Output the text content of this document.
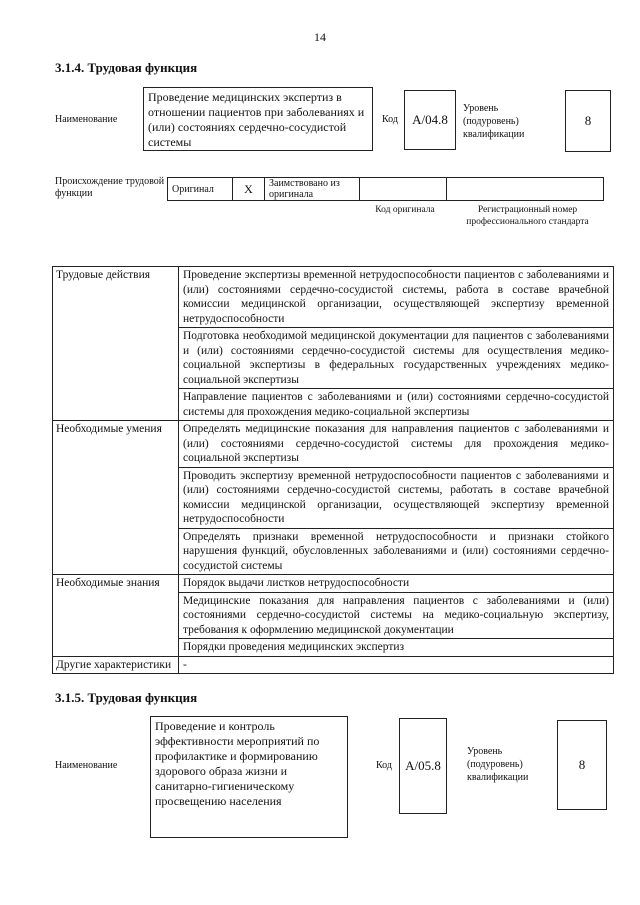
14
3.1.4. Трудовая функция
Наименование
Проведение медицинских экспертиз в отношении пациентов при заболеваниях и (или) состояниях сердечно-сосудистой системы
Код	А/04.8
Уровень (подуровень) квалификации
8
Происхождение трудовой функции	Оригинал	X	Заимствовано из оригинала		
Код оригинала	Регистрационный номер профессионального стандарта
Трудовые действия	Проведение экспертизы временной нетрудоспособности пациентов с заболеваниями и (или) состояниями сердечно-сосудистой системы, работа в составе врачебной комиссии медицинской организации, осуществляющей экспертизу временной нетрудоспособности
	Подготовка необходимой медицинской документации для пациентов с заболеваниями и (или) состояниями сердечно-сосудистой системы для осуществления медико-социальной экспертизы в федеральных государственных учреждениях медико-социальной экспертизы
	Направление пациентов с заболеваниями и (или) состояниями сердечно-сосудистой системы для прохождения медико-социальной экспертизы
Необходимые умения	Определять медицинские показания для направления пациентов с заболеваниями и (или) состояниями сердечно-сосудистой системы для прохождения медико-социальной экспертизы
	Проводить экспертизу временной нетрудоспособности пациентов с заболеваниями и (или) состояниями сердечно-сосудистой системы, работать в составе врачебной комиссии медицинской организации, осуществляющей экспертизу временной нетрудоспособности
	Определять признаки временной нетрудоспособности и признаки стойкого нарушения функций, обусловленных заболеваниями и (или) состояниями сердечно-сосудистой системы
Необходимые знания	Порядок выдачи листков нетрудоспособности
	Медицинские показания для направления пациентов с заболеваниями и (или) состояниями сердечно-сосудистой системы на медико-социальную экспертизу, требования к оформлению медицинской документации
	Порядки проведения медицинских экспертиз
Другие характеристики	-
3.1.5. Трудовая функция
Наименование
Проведение и контроль эффективности мероприятий по профилактике и формированию здорового образа жизни и санитарно-гигиеническому просвещению населения
Код	А/05.8
Уровень (подуровень) квалификации
8
